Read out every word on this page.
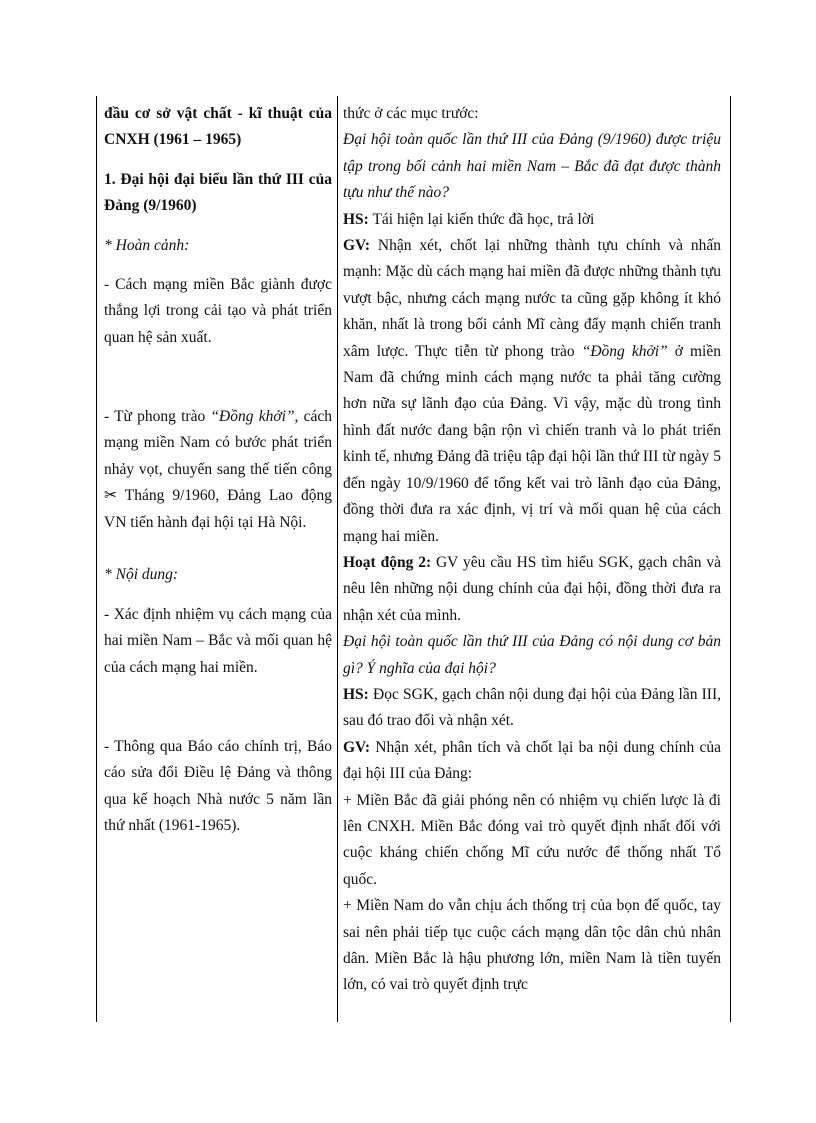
đầu cơ sở vật chất - kĩ thuật của CNXH (1961 – 1965)

1. Đại hội đại biểu lần thứ III của Đảng (9/1960)

* Hoàn cảnh:

- Cách mạng miền Bắc giành được thắng lợi trong cải tạo và phát triển quan hệ sản xuất.

- Từ phong trào “Đồng khởi”, cách mạng miền Nam có bước phát triển nhảy vọt, chuyển sang thế tiến công ✂ Tháng 9/1960, Đảng Lao động VN tiến hành đại hội tại Hà Nội.

* Nội dung:

- Xác định nhiệm vụ cách mạng của hai miền Nam – Bắc và mối quan hệ của cách mạng hai miền.

- Thông qua Báo cáo chính trị, Báo cáo sửa đổi Điều lệ Đảng và thông qua kế hoạch Nhà nước 5 năm lần thứ nhất (1961-1965).

thức ở các mục trước:

Đại hội toàn quốc lần thứ III của Đảng (9/1960) được triệu tập trong bối cảnh hai miền Nam – Bắc đã đạt được thành tựu như thế nào?

HS: Tái hiện lại kiến thức đã học, trả lời

GV: Nhận xét, chốt lại những thành tựu chính và nhấn mạnh: Mặc dù cách mạng hai miền đã được những thành tựu vượt bậc, nhưng cách mạng nước ta cũng gặp không ít khó khăn, nhất là trong bối cảnh Mĩ càng đẩy mạnh chiến tranh xâm lược. Thực tiễn từ phong trào “Đồng khởi” ở miền Nam đã chứng minh cách mạng nước ta phải tăng cường hơn nữa sự lãnh đạo của Đảng. Vì vậy, mặc dù trong tình hình đất nước đang bận rộn vì chiến tranh và lo phát triển kinh tế, nhưng Đảng đã triệu tập đại hội lần thứ III từ ngày 5 đến ngày 10/9/1960 để tổng kết vai trò lãnh đạo của Đảng, đồng thời đưa ra xác định, vị trí và mối quan hệ của cách mạng hai miền.

Hoạt động 2: GV yêu cầu HS tìm hiểu SGK, gạch chân và nêu lên những nội dung chính của đại hội, đồng thời đưa ra nhận xét của mình.

Đại hội toàn quốc lần thứ III của Đảng có nội dung cơ bản gì? Ý nghĩa của đại hội?

HS: Đọc SGK, gạch chân nội dung đại hội của Đảng lần III, sau đó trao đổi và nhận xét.

GV: Nhận xét, phân tích và chốt lại ba nội dung chính của đại hội III của Đảng:

+ Miền Bắc đã giải phóng nên có nhiệm vụ chiến lược là đi lên CNXH. Miền Bắc đóng vai trò quyết định nhất đối với cuộc kháng chiến chống Mĩ cứu nước để thống nhất Tổ quốc.

+ Miền Nam do vẫn chịu ách thống trị của bọn đế quốc, tay sai nên phải tiếp tục cuộc cách mạng dân tộc dân chủ nhân dân. Miền Bắc là hậu phương lớn, miền Nam là tiền tuyến lớn, có vai trò quyết định trực
